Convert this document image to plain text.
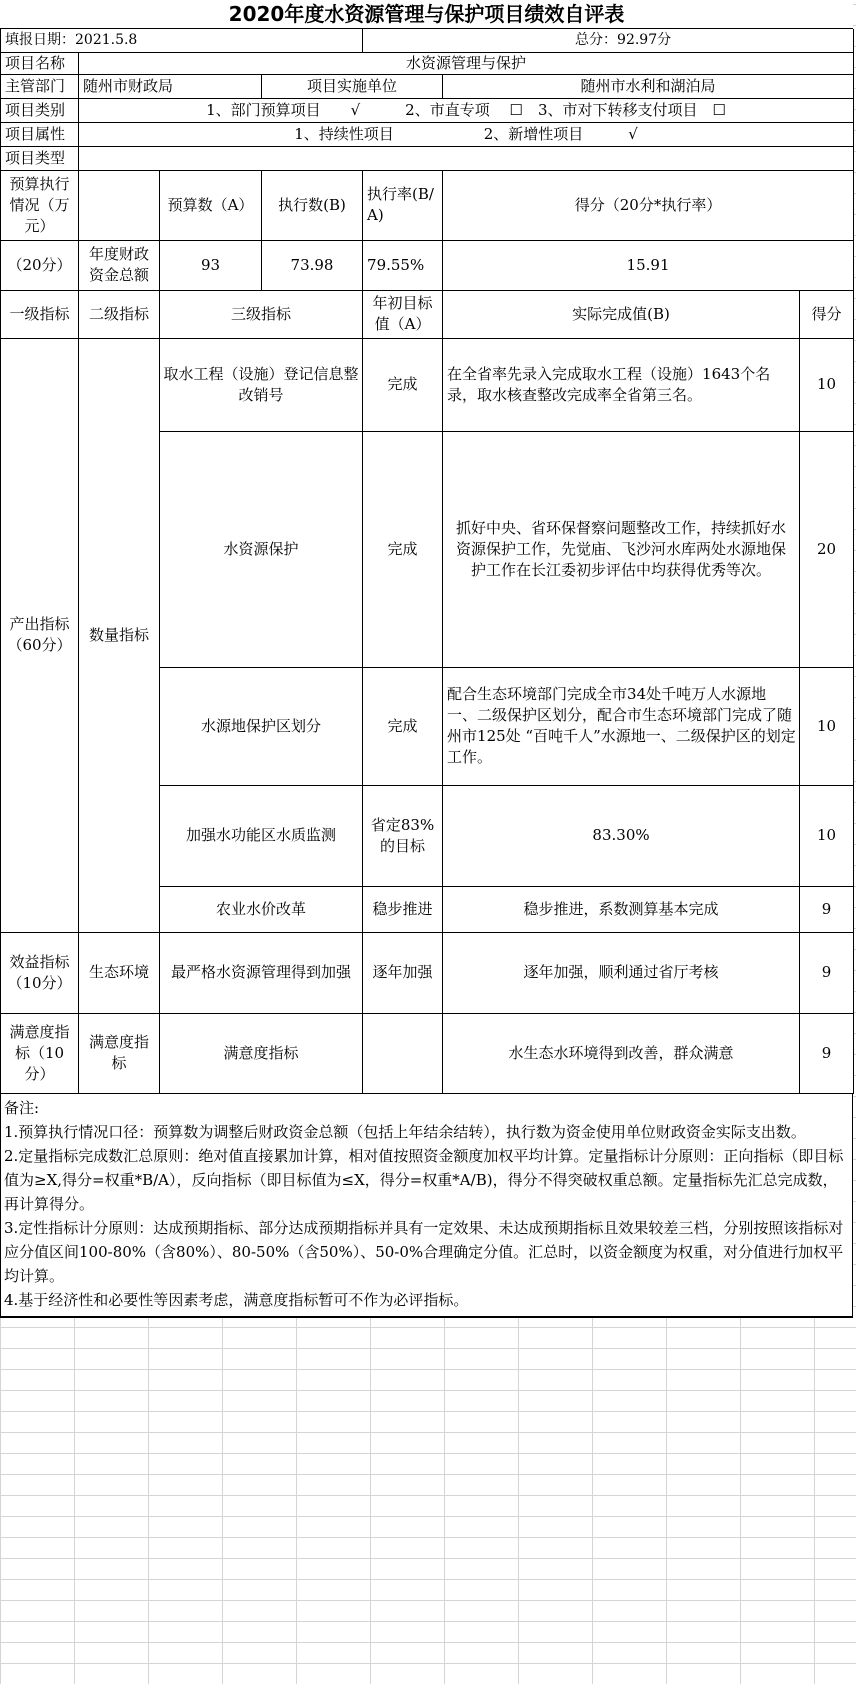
2020年度水资源管理与保护项目绩效自评表
填报日期：2021.5.8				总分：92.97分		
项目名称	水资源管理与保护					
主管部门	随州市财政局		项目实施单位		随州市水利和湖泊局	
项目类别	1、部门预算项目　　√　　　2、市直专项　 ☐　3、市对下转移支付项目　☐					
项目属性	1、持续性项目　　　　　　2、新增性项目　　　√					
项目类型						
预算执行情况（万元）		预算数（A）	执行数(B)	执行率(B/A)	得分（20分*执行率）	
（20分）	年度财政资金总额	93	73.98	79.55%	15.91	
一级指标	二级指标	三级指标		年初目标值（A）	实际完成值(B)	得分
产出指标（60分）	数量指标	取水工程（设施）登记信息整改销号		完成	在全省率先录入完成取水工程（设施）1643个名录，取水核查整改完成率全省第三名。	10
		水资源保护		完成	抓好中央、省环保督察问题整改工作，持续抓好水资源保护工作，先觉庙、飞沙河水库两处水源地保护工作在长江委初步评估中均获得优秀等次。	20
		水源地保护区划分		完成	配合生态环境部门完成全市34处千吨万人水源地一、二级保护区划分，配合市生态环境部门完成了随州市125处 “百吨千人”水源地一、二级保护区的划定工作。	10
		加强水功能区水质监测		省定83%的目标	83.30%	10
		农业水价改革		稳步推进	稳步推进，系数测算基本完成	9
效益指标（10分）	生态环境	最严格水资源管理得到加强		逐年加强	逐年加强，顺利通过省厅考核	9
满意度指标（10分）	满意度指标	满意度指标			水生态水环境得到改善，群众满意	9

备注:

1.预算执行情况口径：预算数为调整后财政资金总额（包括上年结余结转），执行数为资金使用单位财政资金实际支出数。

2.定量指标完成数汇总原则：绝对值直接累加计算，相对值按照资金额度加权平均计算。定量指标计分原则：正向指标（即目标值为≥X,得分=权重*B/A），反向指标（即目标值为≤X，得分=权重*A/B)，得分不得突破权重总额。定量指标先汇总完成数，再计算得分。

3.定性指标计分原则：达成预期指标、部分达成预期指标并具有一定效果、未达成预期指标且效果较差三档，分别按照该指标对应分值区间100-80%（含80%）、80-50%（含50%）、50-0%合理确定分值。汇总时，以资金额度为权重，对分值进行加权平均计算。

4.基于经济性和必要性等因素考虑，满意度指标暂可不作为必评指标。
